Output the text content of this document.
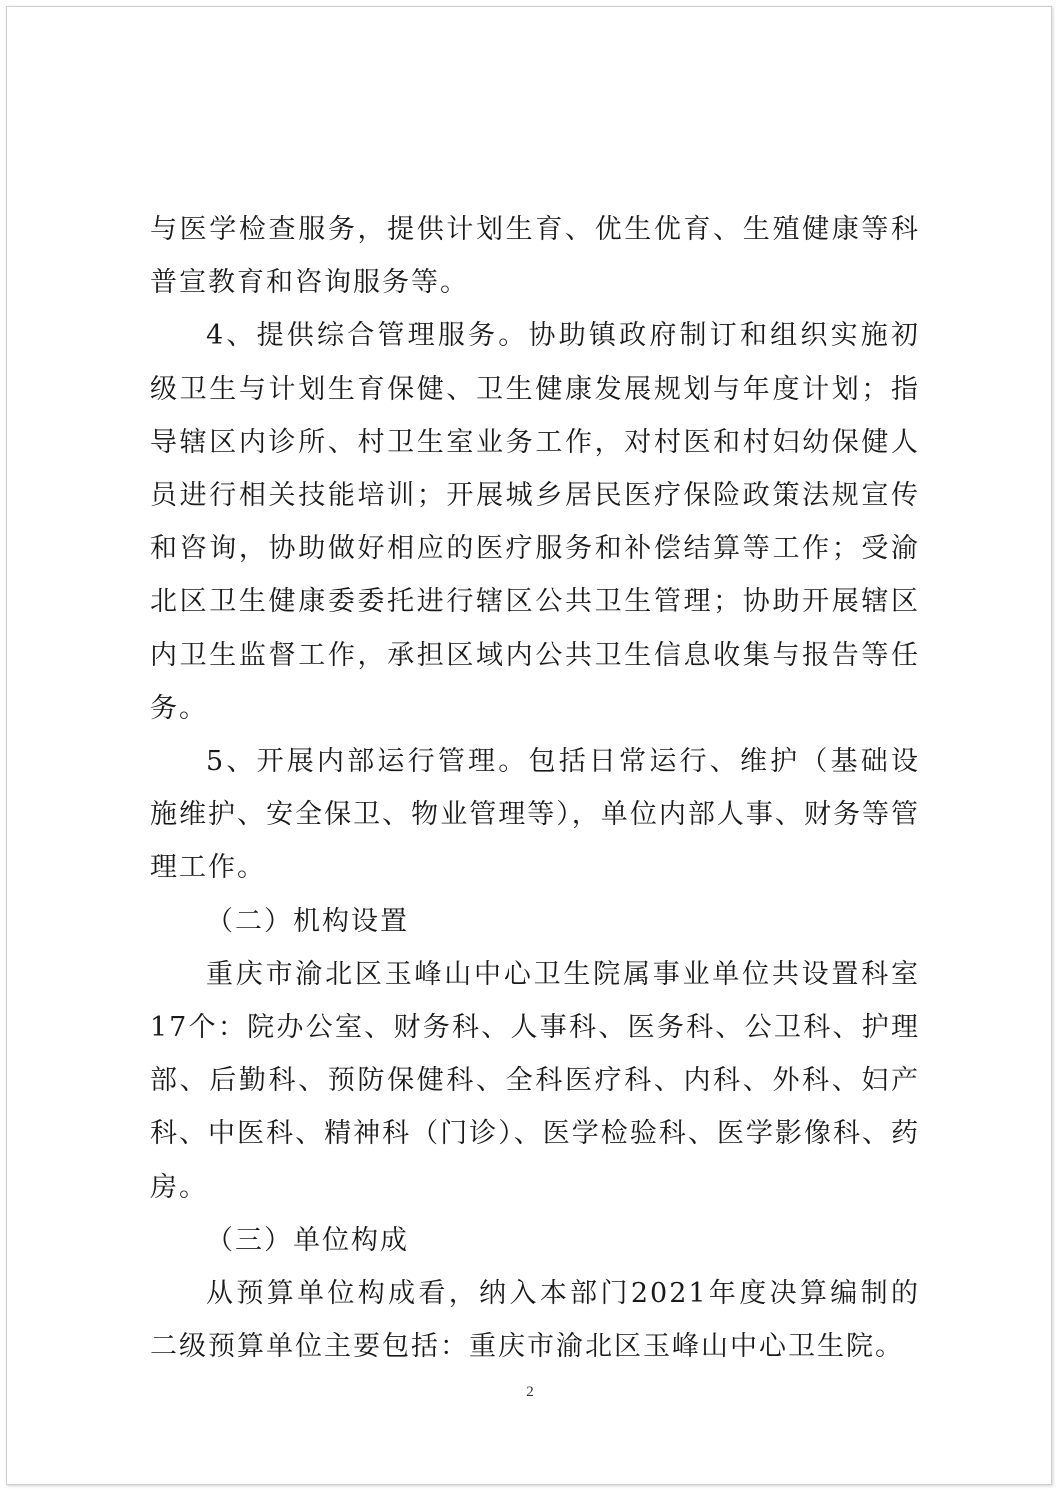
与医学检查服务，提供计划生育、优生优育、生殖健康等科普宣教育和咨询服务等。

4、提供综合管理服务。协助镇政府制订和组织实施初级卫生与计划生育保健、卫生健康发展规划与年度计划；指导辖区内诊所、村卫生室业务工作，对村医和村妇幼保健人员进行相关技能培训；开展城乡居民医疗保险政策法规宣传和咨询，协助做好相应的医疗服务和补偿结算等工作；受渝北区卫生健康委委托进行辖区公共卫生管理；协助开展辖区内卫生监督工作，承担区域内公共卫生信息收集与报告等任务。

5、开展内部运行管理。包括日常运行、维护（基础设施维护、安全保卫、物业管理等），单位内部人事、财务等管理工作。

（二）机构设置

重庆市渝北区玉峰山中心卫生院属事业单位共设置科室17个：院办公室、财务科、人事科、医务科、公卫科、护理部、后勤科、预防保健科、全科医疗科、内科、外科、妇产科、中医科、精神科（门诊）、医学检验科、医学影像科、药房。

（三）单位构成

从预算单位构成看，纳入本部门2021年度决算编制的二级预算单位主要包括：重庆市渝北区玉峰山中心卫生院。

2
